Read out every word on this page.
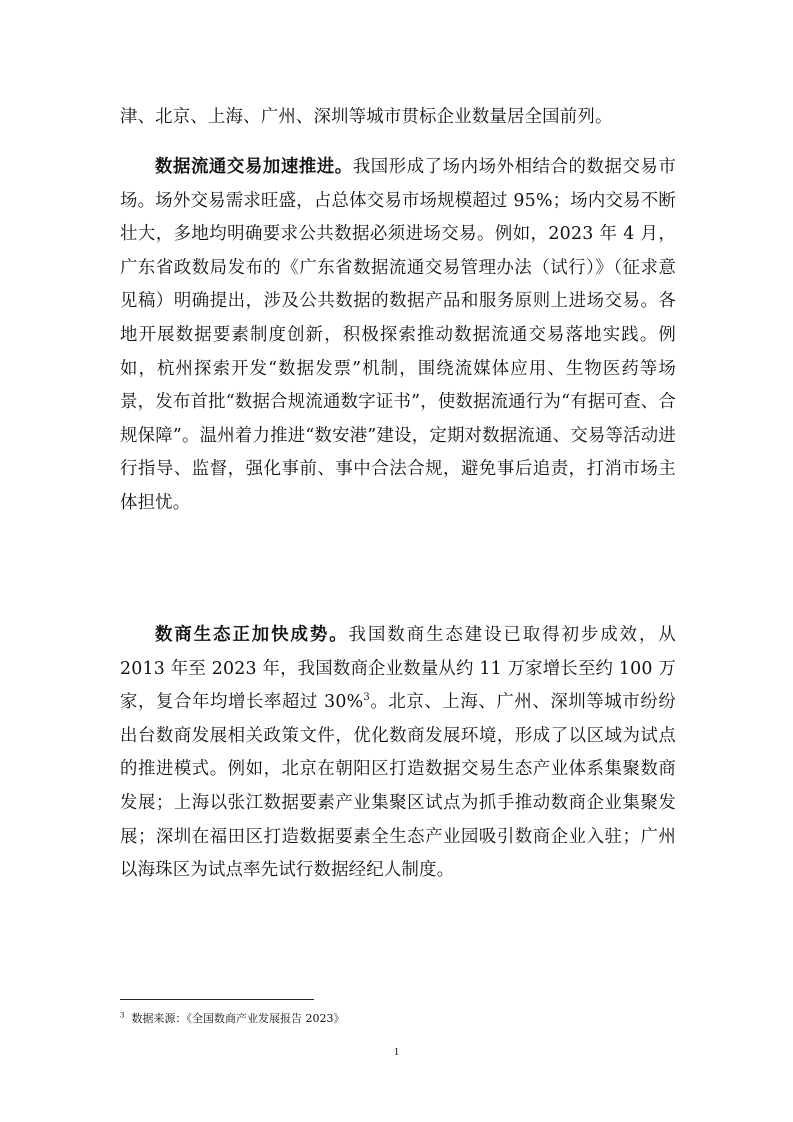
津、北京、上海、广州、深圳等城市贯标企业数量居全国前列。

数据流通交易加速推进。我国形成了场内场外相结合的数据交易市场。场外交易需求旺盛，占总体交易市场规模超过 95%；场内交易不断壮大，多地均明确要求公共数据必须进场交易。例如，2023 年 4 月，广东省政数局发布的《广东省数据流通交易管理办法（试行）》（征求意见稿）明确提出，涉及公共数据的数据产品和服务原则上进场交易。各地开展数据要素制度创新，积极探索推动数据流通交易落地实践。例如，杭州探索开发“数据发票”机制，围绕流媒体应用、生物医药等场景，发布首批“数据合规流通数字证书”，使数据流通行为“有据可查、合规保障”。温州着力推进“数安港”建设，定期对数据流通、交易等活动进行指导、监督，强化事前、事中合法合规，避免事后追责，打消市场主体担忧。

数商生态正加快成势。我国数商生态建设已取得初步成效，从 2013 年至 2023 年，我国数商企业数量从约 11 万家增长至约 100 万家，复合年均增长率超过 30%$^3$。北京、上海、广州、深圳等城市纷纷出台数商发展相关政策文件，优化数商发展环境，形成了以区域为试点的推进模式。例如，北京在朝阳区打造数据交易生态产业体系集聚数商发展；上海以张江数据要素产业集聚区试点为抓手推动数商企业集聚发展；深圳在福田区打造数据要素全生态产业园吸引数商企业入驻；广州以海珠区为试点率先试行数据经纪人制度。

$^3$ 数据来源：《全国数商产业发展报告 2023》
1
